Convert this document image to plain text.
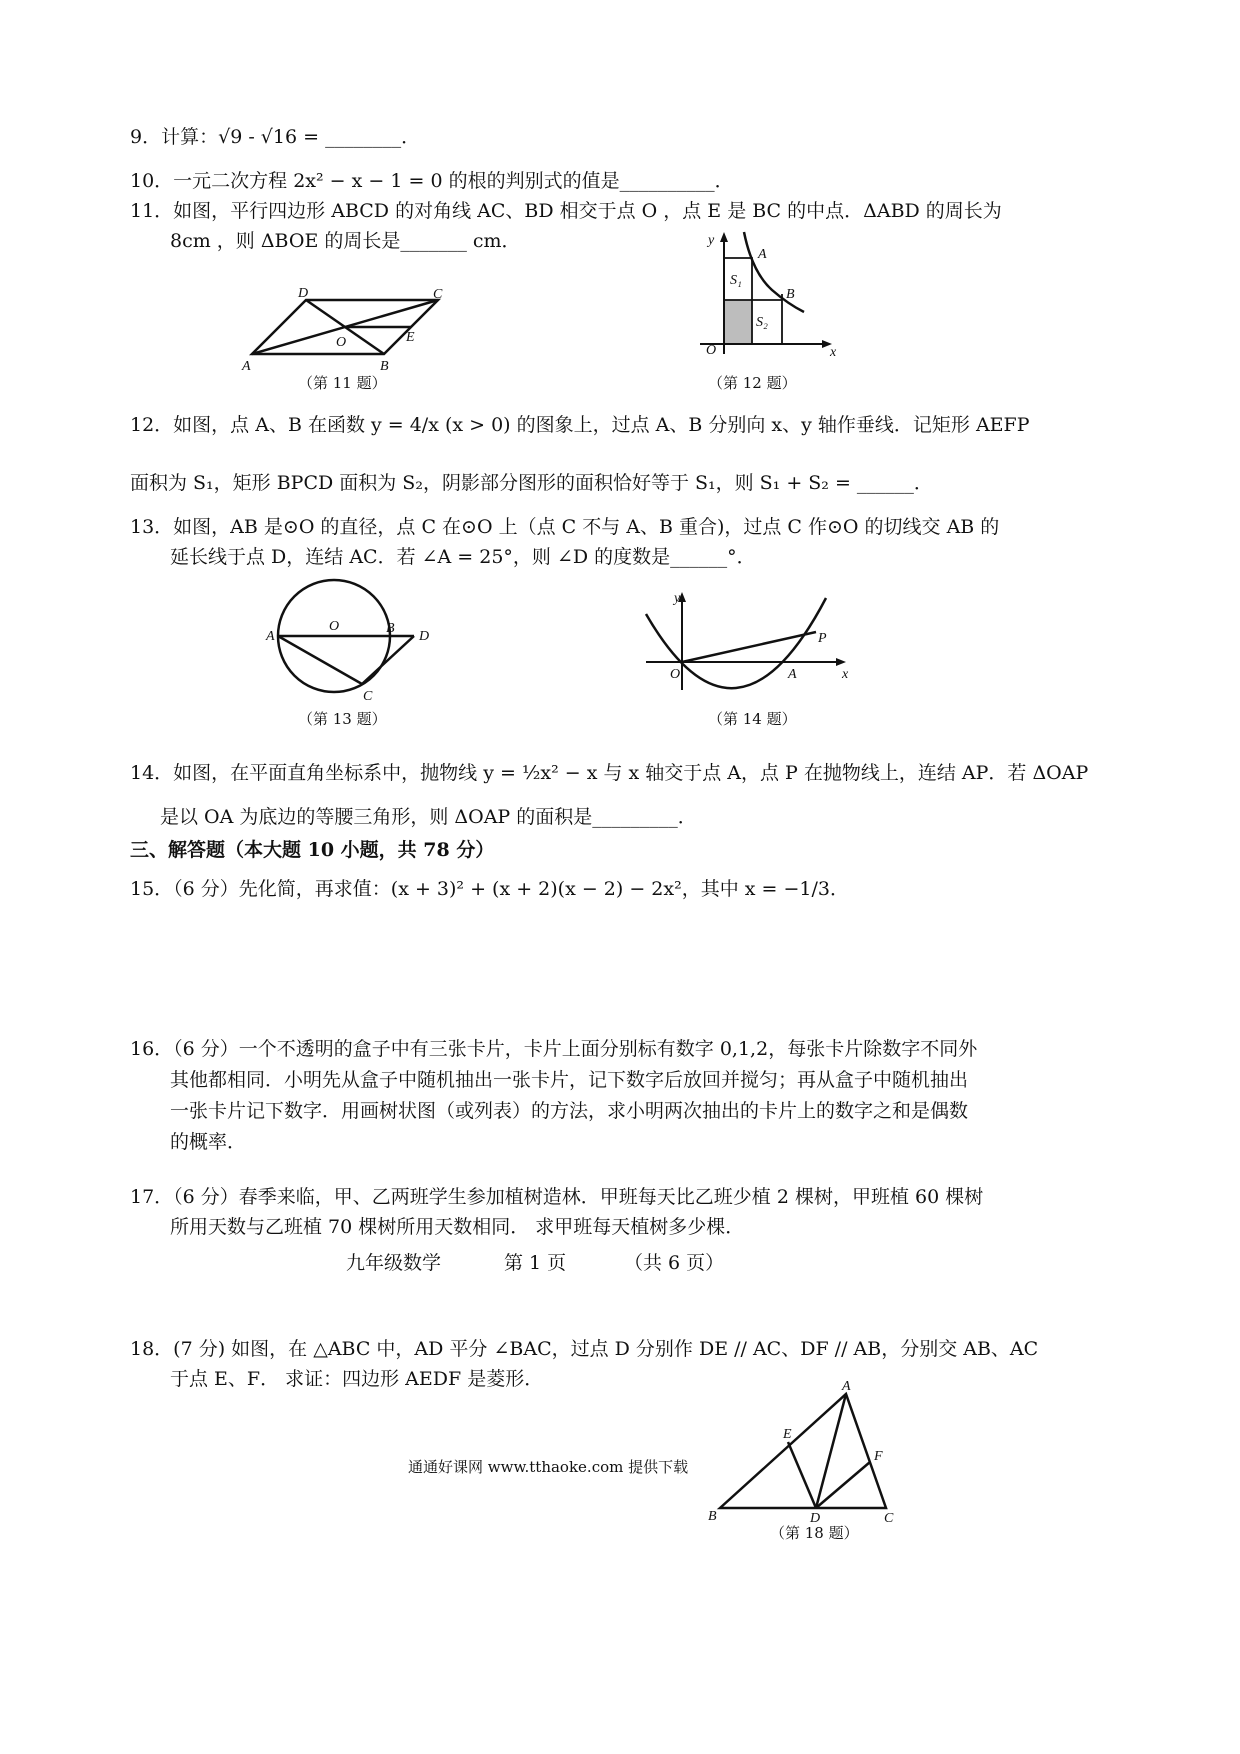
9．计算：√9 - √16 = ________．
10．一元二次方程 2x² − x − 1 = 0 的根的判别式的值是__________．
11．如图，平行四边形 ABCD 的对角线 AC、BD 相交于点 O ，点 E 是 BC 的中点．ΔABD 的周长为
8cm ，则 ΔBOE 的周长是_______ cm．
A	B
C
D
O	E
（第 11 题）
y
x
O
A
B
S₁
S₂
（第 12 题）
12．如图，点 A、B 在函数 y = 4/x (x > 0) 的图象上，过点 A、B 分别向 x、y 轴作垂线．记矩形 AEFP
面积为 S₁，矩形 BPCD 面积为 S₂，阴影部分图形的面积恰好等于 S₁，则 S₁ + S₂ = ______．
13．如图，AB 是⊙O 的直径，点 C 在⊙O 上（点 C 不与 A、B 重合)，过点 C 作⊙O 的切线交 AB 的
延长线于点 D，连结 AC．若 ∠A = 25°，则 ∠D 的度数是______°．
A
O	B
D
C
（第 13 题）
y
x
O	A
P
（第 14 题）
14．如图，在平面直角坐标系中，抛物线 y = ½x² − x 与 x 轴交于点 A，点 P 在抛物线上，连结 AP．若 ΔOAP
是以 OA 为底边的等腰三角形，则 ΔOAP 的面积是_________．
三、解答题（本大题 10 小题，共 78 分）
15．（6 分）先化简，再求值：(x + 3)² + (x + 2)(x − 2) − 2x²，其中 x = −1/3．
16．（6 分）一个不透明的盒子中有三张卡片，卡片上面分别标有数字 0,1,2，每张卡片除数字不同外
其他都相同．小明先从盒子中随机抽出一张卡片，记下数字后放回并搅匀；再从盒子中随机抽出
一张卡片记下数字．用画树状图（或列表）的方法，求小明两次抽出的卡片上的数字之和是偶数
的概率．
17．（6 分）春季来临，甲、乙两班学生参加植树造林．甲班每天比乙班少植 2 棵树，甲班植 60 棵树
所用天数与乙班植 70 棵树所用天数相同． 求甲班每天植树多少棵．
九年级数学	第 1 页	（共 6 页）
18．(7 分) 如图，在 △ABC 中，AD 平分 ∠BAC，过点 D 分别作 DE // AC、DF // AB，分别交 AB、AC
于点 E、F． 求证：四边形 AEDF 是菱形．	A
B	C
D
E
F
（第 18 题）
通通好课网 www.tthaoke.com 提供下载
